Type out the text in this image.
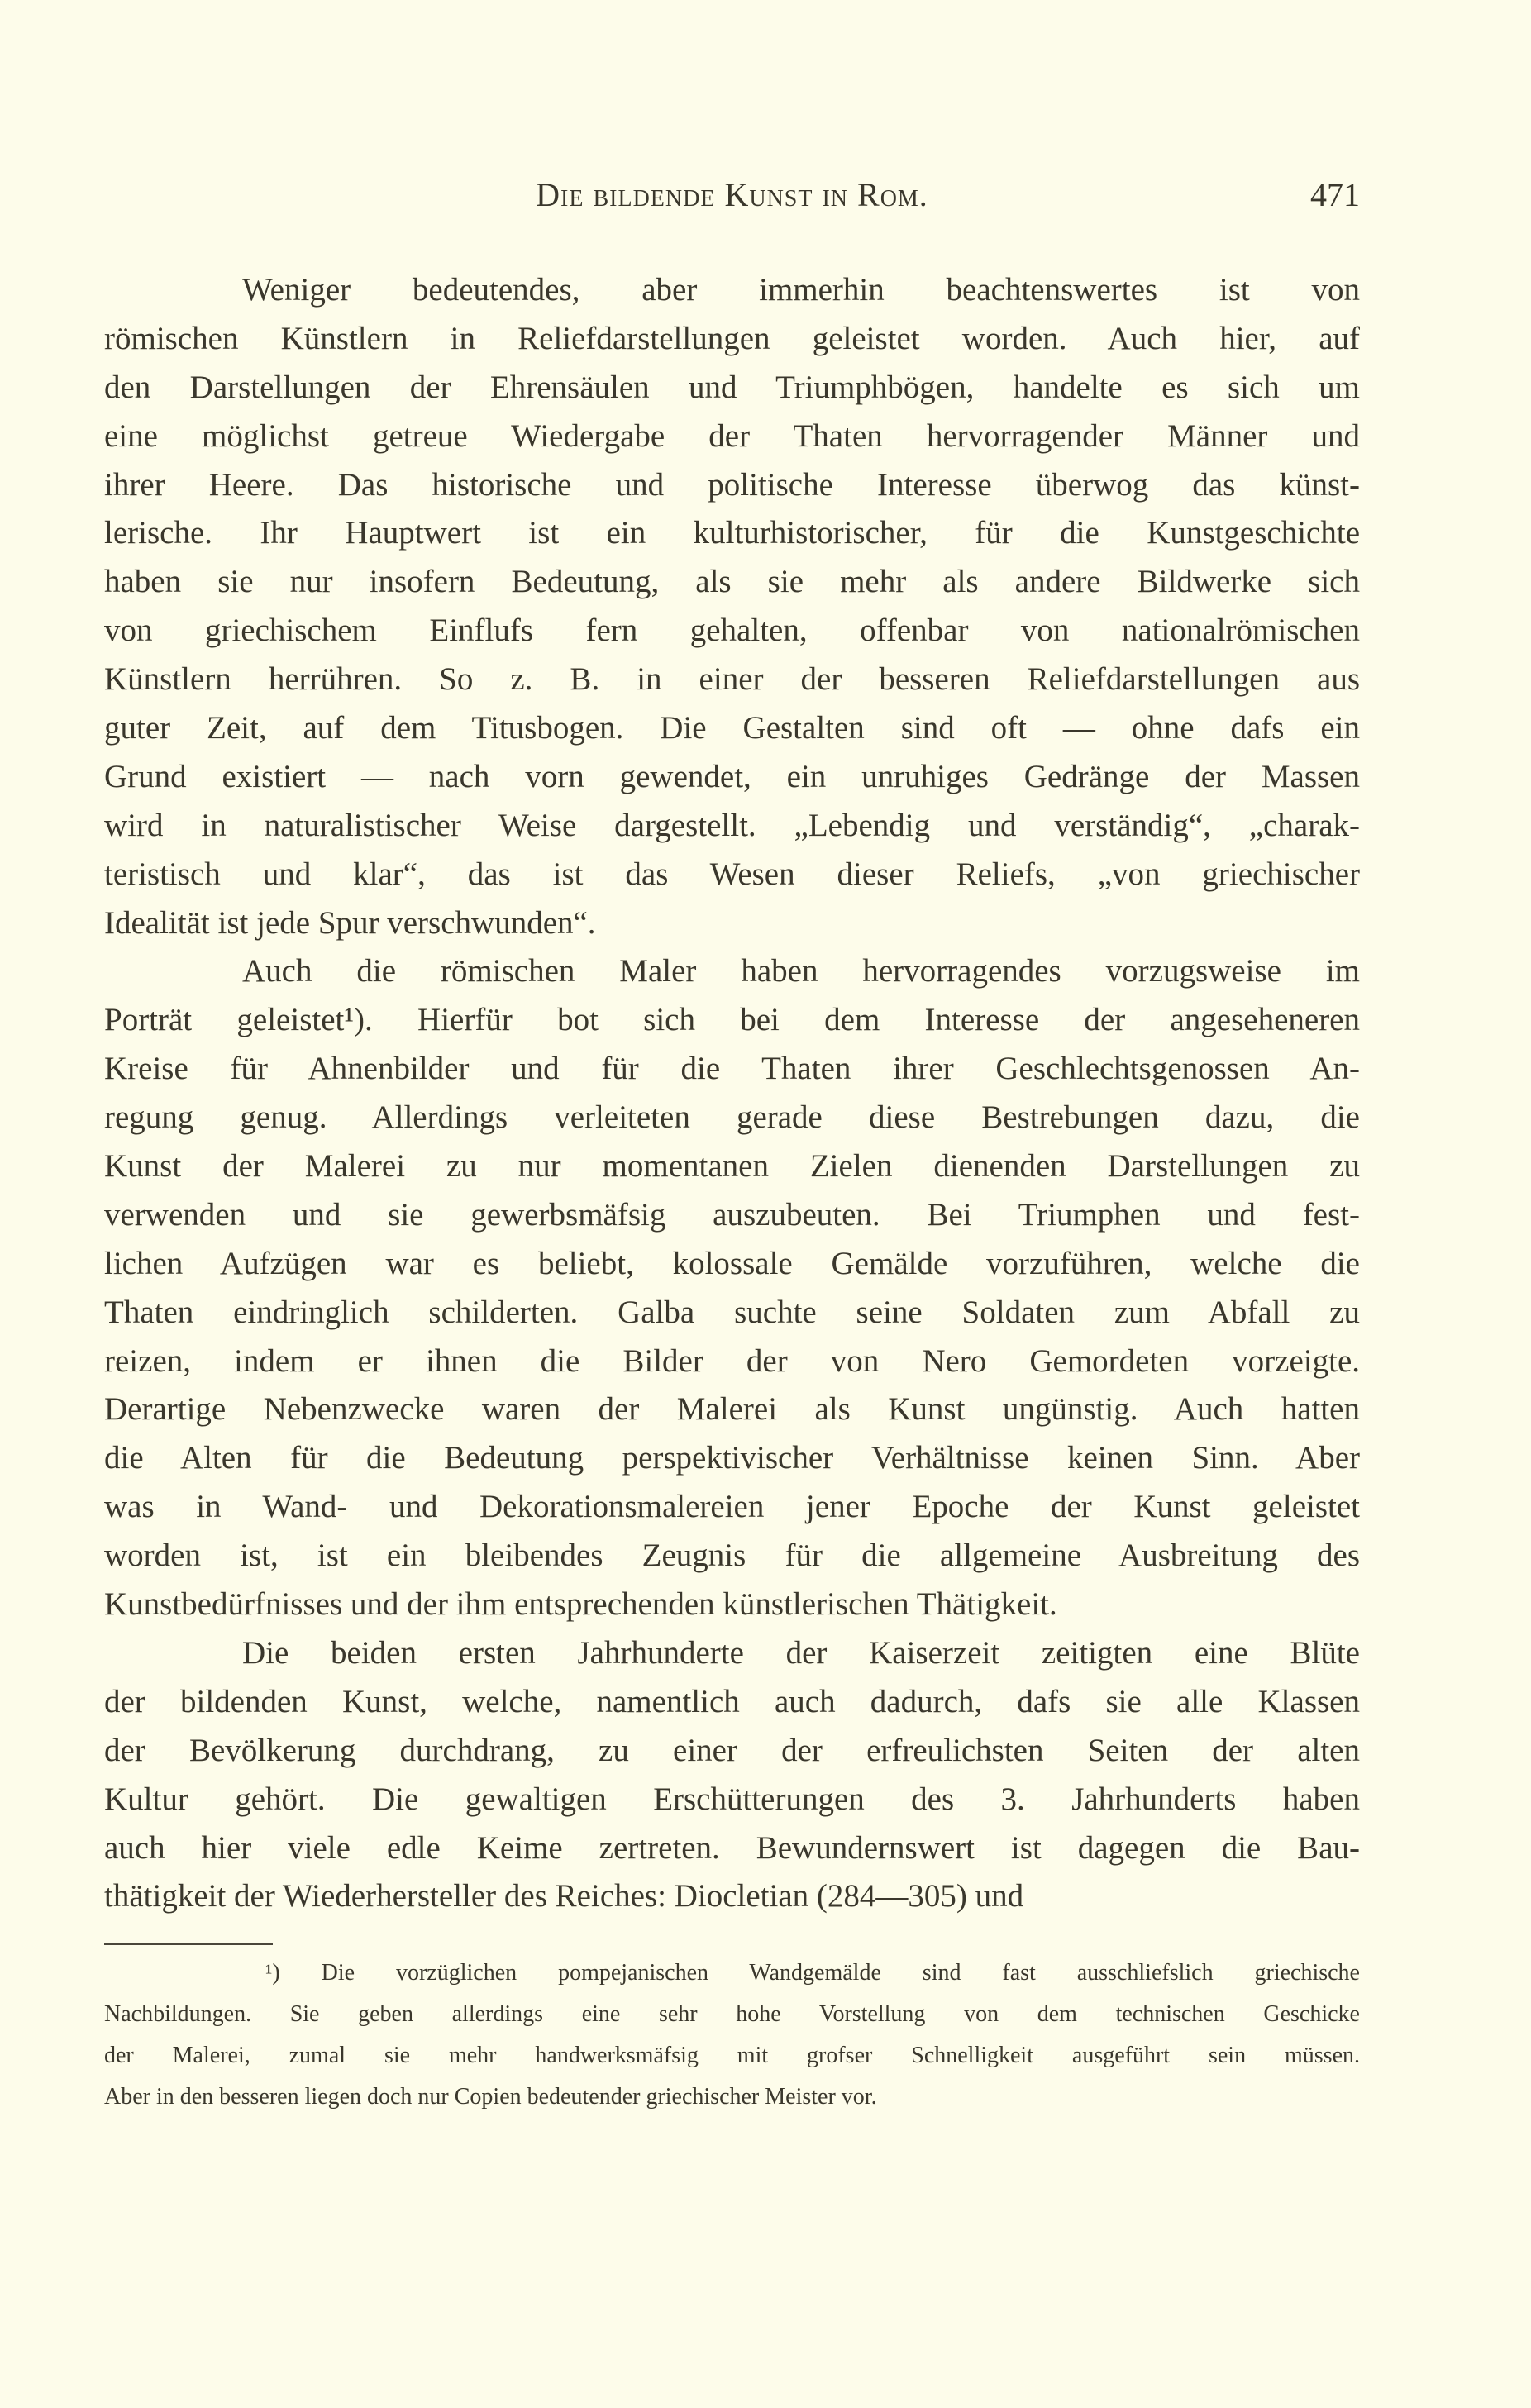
Die bildende Kunst in Rom.	471
Weniger bedeutendes, aber immerhin beachtenswertes ist von
römischen Künstlern in Reliefdarstellungen geleistet worden. Auch hier, auf
den Darstellungen der Ehrensäulen und Triumphbögen, handelte es sich um
eine möglichst getreue Wiedergabe der Thaten hervorragender Männer und
ihrer Heere. Das historische und politische Interesse überwog das künst-
lerische. Ihr Hauptwert ist ein kulturhistorischer, für die Kunstgeschichte
haben sie nur insofern Bedeutung, als sie mehr als andere Bildwerke sich
von griechischem Einflufs fern gehalten, offenbar von nationalrömischen
Künstlern herrühren. So z. B. in einer der besseren Reliefdarstellungen aus
guter Zeit, auf dem Titusbogen. Die Gestalten sind oft — ohne dafs ein
Grund existiert — nach vorn gewendet, ein unruhiges Gedränge der Massen
wird in naturalistischer Weise dargestellt. „Lebendig und verständig“, „charak-
teristisch und klar“, das ist das Wesen dieser Reliefs, „von griechischer
Idealität ist jede Spur verschwunden“.
Auch die römischen Maler haben hervorragendes vorzugsweise im
Porträt geleistet¹). Hierfür bot sich bei dem Interesse der angeseheneren
Kreise für Ahnenbilder und für die Thaten ihrer Geschlechtsgenossen An-
regung genug. Allerdings verleiteten gerade diese Bestrebungen dazu, die
Kunst der Malerei zu nur momentanen Zielen dienenden Darstellungen zu
verwenden und sie gewerbsmäfsig auszubeuten. Bei Triumphen und fest-
lichen Aufzügen war es beliebt, kolossale Gemälde vorzuführen, welche die
Thaten eindringlich schilderten. Galba suchte seine Soldaten zum Abfall zu
reizen, indem er ihnen die Bilder der von Nero Gemordeten vorzeigte.
Derartige Nebenzwecke waren der Malerei als Kunst ungünstig. Auch hatten
die Alten für die Bedeutung perspektivischer Verhältnisse keinen Sinn. Aber
was in Wand- und Dekorationsmalereien jener Epoche der Kunst geleistet
worden ist, ist ein bleibendes Zeugnis für die allgemeine Ausbreitung des
Kunstbedürfnisses und der ihm entsprechenden künstlerischen Thätigkeit.
Die beiden ersten Jahrhunderte der Kaiserzeit zeitigten eine Blüte
der bildenden Kunst, welche, namentlich auch dadurch, dafs sie alle Klassen
der Bevölkerung durchdrang, zu einer der erfreulichsten Seiten der alten
Kultur gehört. Die gewaltigen Erschütterungen des 3. Jahrhunderts haben
auch hier viele edle Keime zertreten. Bewundernswert ist dagegen die Bau-
thätigkeit der Wiederhersteller des Reiches: Diocletian (284—305) und
¹) Die vorzüglichen pompejanischen Wandgemälde sind fast ausschliefslich griechische
Nachbildungen. Sie geben allerdings eine sehr hohe Vorstellung von dem technischen Geschicke
der Malerei, zumal sie mehr handwerksmäfsig mit grofser Schnelligkeit ausgeführt sein müssen.
Aber in den besseren liegen doch nur Copien bedeutender griechischer Meister vor.
